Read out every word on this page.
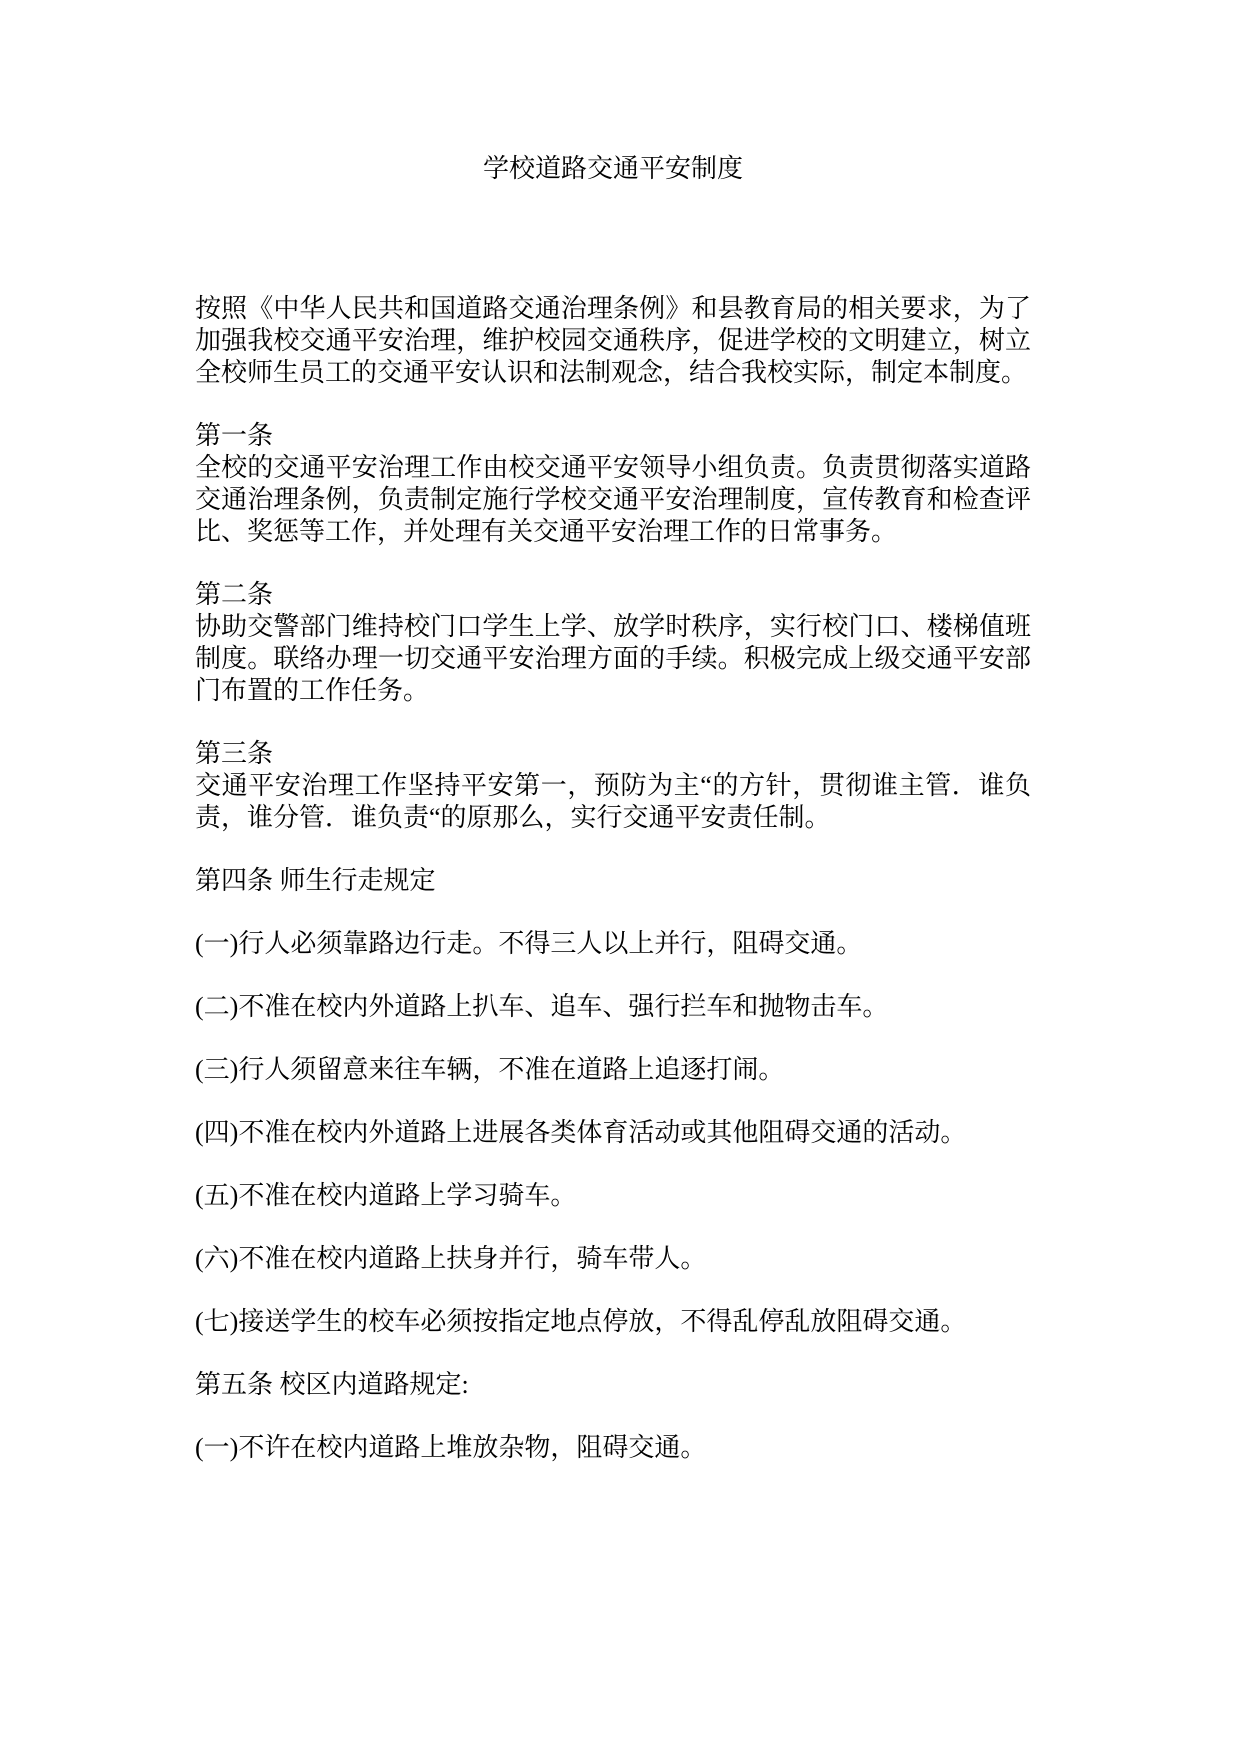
学校道路交通平安制度

按照《中华人民共和国道路交通治理条例》和县教育局的相关要求，为了加强我校交通平安治理，维护校园交通秩序，促进学校的文明建立，树立全校师生员工的交通平安认识和法制观念，结合我校实际，制定本制度。

第一条
全校的交通平安治理工作由校交通平安领导小组负责。负责贯彻落实道路交通治理条例，负责制定施行学校交通平安治理制度，宣传教育和检查评比、奖惩等工作，并处理有关交通平安治理工作的日常事务。

第二条
协助交警部门维持校门口学生上学、放学时秩序，实行校门口、楼梯值班制度。联络办理一切交通平安治理方面的手续。积极完成上级交通平安部门布置的工作任务。

第三条
交通平安治理工作坚持平安第一，预防为主“的方针，贯彻谁主管．谁负责，谁分管．谁负责“的原那么，实行交通平安责任制。

第四条 师生行走规定

(一)行人必须靠路边行走。不得三人以上并行，阻碍交通。

(二)不准在校内外道路上扒车、追车、强行拦车和抛物击车。

(三)行人须留意来往车辆，不准在道路上追逐打闹。

(四)不准在校内外道路上进展各类体育活动或其他阻碍交通的活动。

(五)不准在校内道路上学习骑车。

(六)不准在校内道路上扶身并行，骑车带人。

(七)接送学生的校车必须按指定地点停放，不得乱停乱放阻碍交通。

第五条 校区内道路规定:

(一)不许在校内道路上堆放杂物，阻碍交通。
